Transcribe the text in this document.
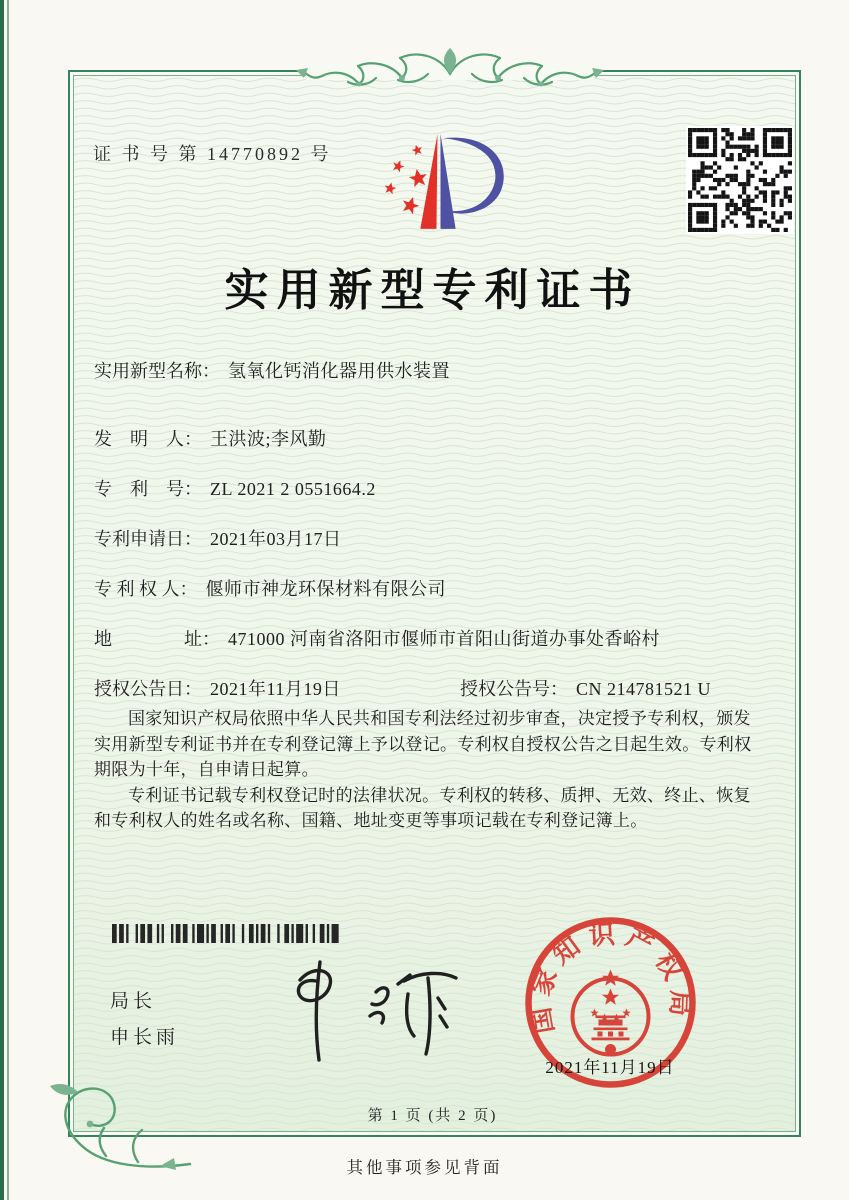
证 书 号 第 14770892 号
实用新型专利证书
实用新型名称： 氢氧化钙消化器用供水装置
发　明　人： 王洪波;李风勤
专　利　号： ZL 2021 2 0551664.2
专利申请日： 2021年03月17日
专 利 权 人： 偃师市神龙环保材料有限公司
地　　　　址： 471000 河南省洛阳市偃师市首阳山街道办事处香峪村
授权公告日： 2021年11月19日	授权公告号： CN 214781521 U

国家知识产权局依照中华人民共和国专利法经过初步审查，决定授予专利权，颁发实用新型专利证书并在专利登记簿上予以登记。专利权自授权公告之日起生效。专利权期限为十年，自申请日起算。

专利证书记载专利权登记时的法律状况。专利权的转移、质押、无效、终止、恢复和专利权人的姓名或名称、国籍、地址变更等事项记载在专利登记簿上。

局长
申长雨
国家知识产权局
2021年11月19日
第 1 页 (共 2 页)
其他事项参见背面
